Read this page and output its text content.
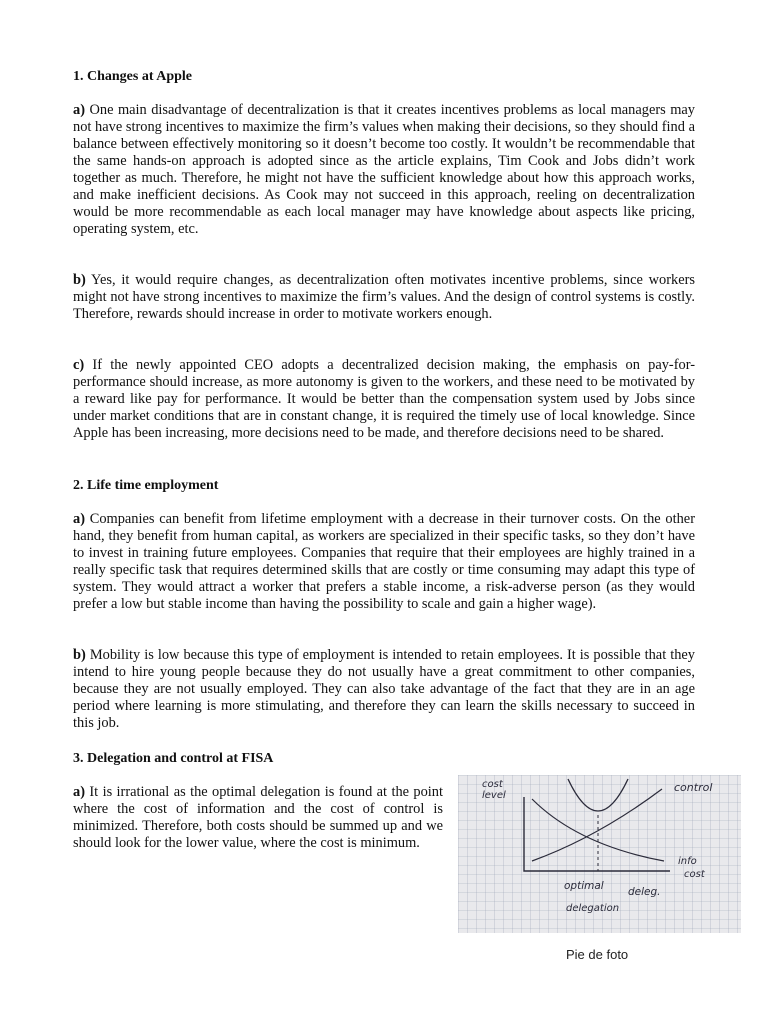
1. Changes at Apple

a) One main disadvantage of decentralization is that it creates incentives problems as local managers may not have strong incentives to maximize the firm’s values when making their decisions, so they should find a balance between effectively monitoring so it doesn’t become too costly. It wouldn’t be recommendable that the same hands-on approach is adopted since as the article explains, Tim Cook and Jobs didn’t work together as much. Therefore, he might not have the sufficient knowledge about how this approach works, and make inefficient decisions. As Cook may not succeed in this approach, reeling on decentralization would be more recommendable as each local manager may have knowledge about aspects like pricing, operating system, etc.

b) Yes, it would require changes, as decentralization often motivates incentive problems, since workers might not have strong incentives to maximize the firm’s values. And the design of control systems is costly. Therefore, rewards should increase in order to motivate workers enough.

c) If the newly appointed CEO adopts a decentralized decision making, the emphasis on pay-for-performance should increase, as more autonomy is given to the workers, and these need to be motivated by a reward like pay for performance. It would be better than the compensation system used by Jobs since under market conditions that are in constant change, it is required the timely use of local knowledge. Since Apple has been increasing, more decisions need to be made, and therefore decisions need to be shared.

2. Life time employment

a) Companies can benefit from lifetime employment with a decrease in their turnover costs. On the other hand, they benefit from human capital, as workers are specialized in their specific tasks, so they don’t have to invest in training future employees. Companies that require that their employees are highly trained in a really specific task that requires determined skills that are costly or time consuming may adapt this type of system. They would attract a worker that prefers a stable income, a risk-adverse person (as they would prefer a low but stable income than having the possibility to scale and gain a higher wage).

b) Mobility is low because this type of employment is intended to retain employees. It is possible that they intend to hire young people because they do not usually have a great commitment to other companies, because they are not usually employed. They can also take advantage of the fact that they are in an age period where learning is more stimulating, and therefore they can learn the skills necessary to succeed in this job.

3. Delegation and control at FISA

a) It is irrational as the optimal delegation is found at the point where the cost of information and the cost of control is minimized. Therefore, both costs should be summed up and we should look for the lower value, where the cost is minimum.

cost
level
control
info
cost
optimal
delegation
deleg.
Pie de foto
